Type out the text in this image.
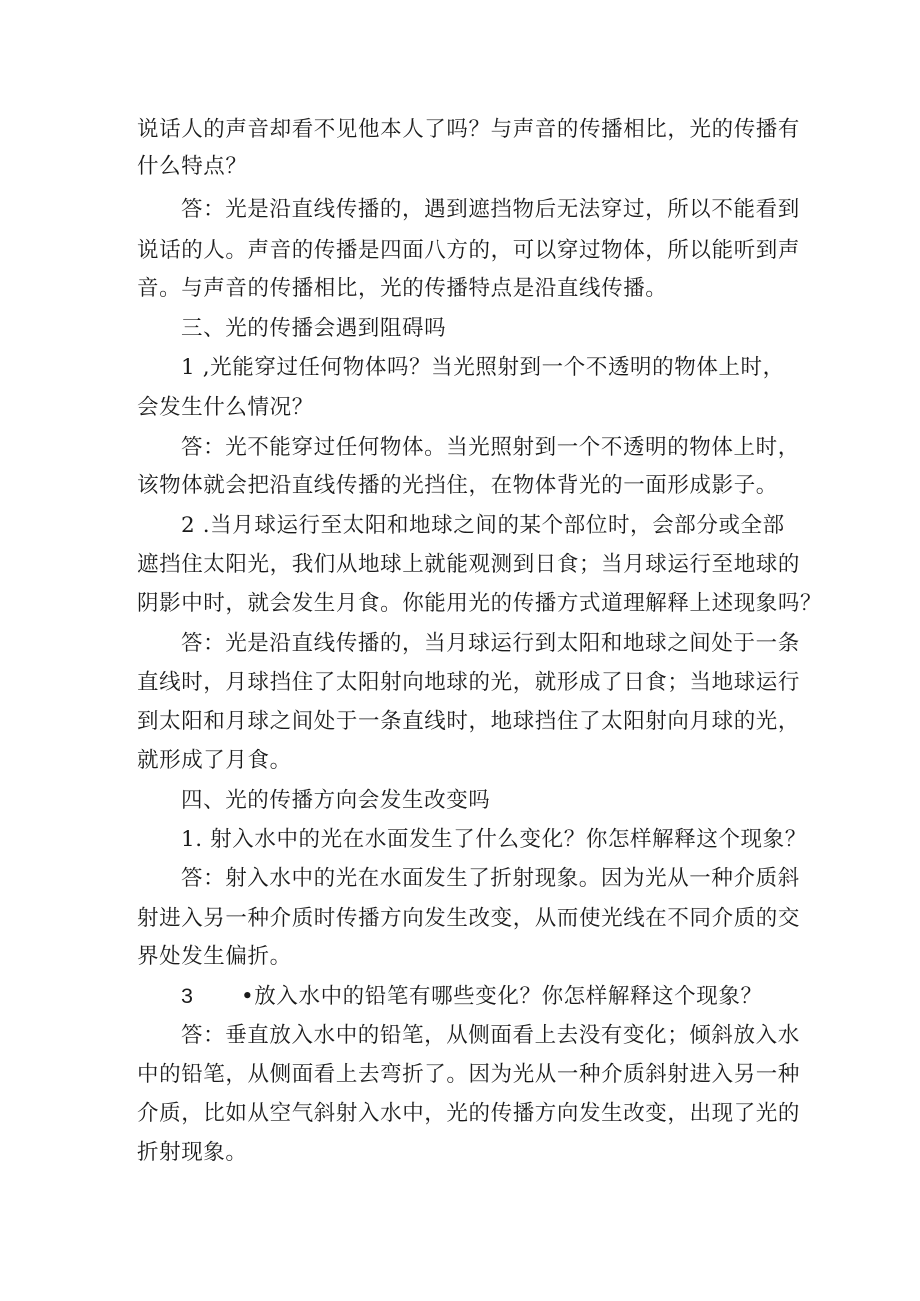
说话人的声音却看不见他本人了吗？与声音的传播相比，光的传播有
什么特点？
答：光是沿直线传播的，遇到遮挡物后无法穿过，所以不能看到
说话的人。声音的传播是四面八方的，可以穿过物体，所以能听到声
音。与声音的传播相比，光的传播特点是沿直线传播。
三、光的传播会遇到阻碍吗
1 ,光能穿过任何物体吗？当光照射到一个不透明的物体上时，
会发生什么情况？
答：光不能穿过任何物体。当光照射到一个不透明的物体上时，
该物体就会把沿直线传播的光挡住，在物体背光的一面形成影子。
2 .当月球运行至太阳和地球之间的某个部位时，会部分或全部
遮挡住太阳光，我们从地球上就能观测到日食；当月球运行至地球的
阴影中时，就会发生月食。你能用光的传播方式道理解释上述现象吗？
答：光是沿直线传播的，当月球运行到太阳和地球之间处于一条
直线时，月球挡住了太阳射向地球的光，就形成了日食；当地球运行
到太阳和月球之间处于一条直线时，地球挡住了太阳射向月球的光，
就形成了月食。
四、光的传播方向会发生改变吗
1. 射入水中的光在水面发生了什么变化？你怎样解释这个现象？
答：射入水中的光在水面发生了折射现象。因为光从一种介质斜
射进入另一种介质时传播方向发生改变，从而使光线在不同介质的交
界处发生偏折。
3 •放入水中的铅笔有哪些变化？你怎样解释这个现象？
答：垂直放入水中的铅笔，从侧面看上去没有变化；倾斜放入水
中的铅笔，从侧面看上去弯折了。因为光从一种介质斜射进入另一种
介质，比如从空气斜射入水中，光的传播方向发生改变，出现了光的
折射现象。
